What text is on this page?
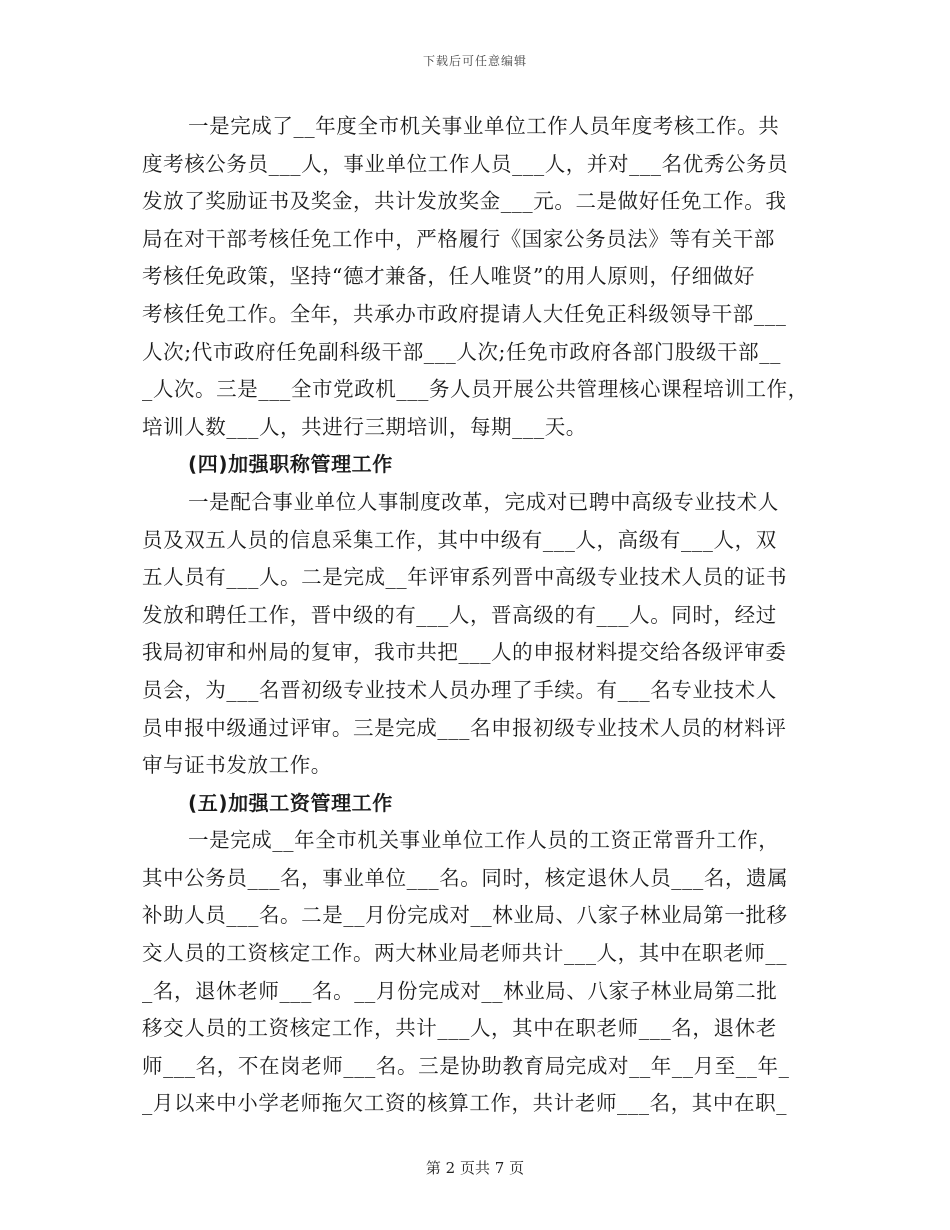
下载后可任意编辑
一是完成了__年度全市机关事业单位工作人员年度考核工作。共
度考核公务员___人，事业单位工作人员___人，并对___名优秀公务员
发放了奖励证书及奖金，共计发放奖金___元。二是做好任免工作。我
局在对干部考核任免工作中，严格履行《国家公务员法》等有关干部
考核任免政策，坚持“德才兼备，任人唯贤”的用人原则，仔细做好
考核任免工作。全年，共承办市政府提请人大任免正科级领导干部___
人次;代市政府任免副科级干部___人次;任免市政府各部门股级干部__
_人次。三是___全市党政机___务人员开展公共管理核心课程培训工作，
培训人数___人，共进行三期培训，每期___天。
(四)加强职称管理工作
一是配合事业单位人事制度改革，完成对已聘中高级专业技术人
员及双五人员的信息采集工作，其中中级有___人，高级有___人，双
五人员有___人。二是完成__年评审系列晋中高级专业技术人员的证书
发放和聘任工作，晋中级的有___人，晋高级的有___人。同时，经过
我局初审和州局的复审，我市共把___人的申报材料提交给各级评审委
员会，为___名晋初级专业技术人员办理了手续。有___名专业技术人
员申报中级通过评审。三是完成___名申报初级专业技术人员的材料评
审与证书发放工作。
(五)加强工资管理工作
一是完成__年全市机关事业单位工作人员的工资正常晋升工作，
其中公务员___名，事业单位___名。同时，核定退休人员___名，遗属
补助人员___名。二是__月份完成对__林业局、八家子林业局第一批移
交人员的工资核定工作。两大林业局老师共计___人，其中在职老师__
_名，退休老师___名。__月份完成对__林业局、八家子林业局第二批
移交人员的工资核定工作，共计___人，其中在职老师___名，退休老
师___名，不在岗老师___名。三是协助教育局完成对__年__月至__年_
_月以来中小学老师拖欠工资的核算工作，共计老师___名，其中在职_
第 2 页共 7 页
